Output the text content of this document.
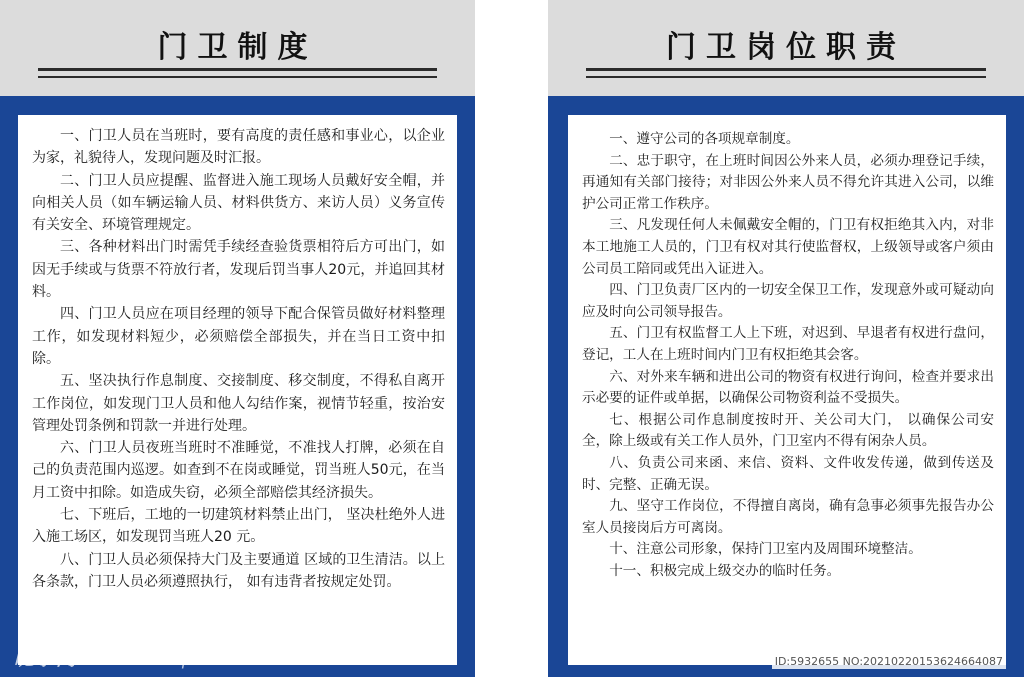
门卫制度
一、门卫人员在当班时，要有高度的责任感和事业心，以企业为家，礼貌待人，发现问题及时汇报。
二、门卫人员应提醒、监督进入施工现场人员戴好安全帽，并向相关人员（如车辆运输人员、材料供货方、来访人员）义务宣传有关安全、环境管理规定。
三、各种材料出门时需凭手续经查验货票相符后方可出门，如因无手续或与货票不符放行者，发现后罚当事人20元，并追回其材料。
四、门卫人员应在项目经理的领导下配合保管员做好材料整理工作，如发现材料短少，必须赔偿全部损失，并在当日工资中扣除。
五、坚决执行作息制度、交接制度、移交制度，不得私自离开工作岗位，如发现门卫人员和他人勾结作案，视情节轻重，按治安管理处罚条例和罚款一并进行处理。
六、门卫人员夜班当班时不准睡觉，不准找人打牌，必须在自己的负责范围内巡逻。如查到不在岗或睡觉，罚当班人50元，在当月工资中扣除。如造成失窃，必须全部赔偿其经济损失。
七、下班后，工地的一切建筑材料禁止出门， 坚决杜绝外人进入施工场区，如发现罚当班人20 元。
八、门卫人员必须保持大门及主要通道 区域的卫生清洁。以上各条款，门卫人员必须遵照执行， 如有违背者按规定处罚。
昵享网	www.nipic.cn
门卫岗位职责
一、遵守公司的各项规章制度。
二、忠于职守，在上班时间因公外来人员，必须办理登记手续，再通知有关部门接待；对非因公外来人员不得允许其进入公司，以维护公司正常工作秩序。
三、凡发现任何人未佩戴安全帽的，门卫有权拒绝其入内，对非本工地施工人员的，门卫有权对其行使监督权，上级领导或客户须由公司员工陪同或凭出入证进入。
四、门卫负责厂区内的一切安全保卫工作，发现意外或可疑动向应及时向公司领导报告。
五、门卫有权监督工人上下班，对迟到、早退者有权进行盘问，登记，工人在上班时间内门卫有权拒绝其会客。
六、对外来车辆和进出公司的物资有权进行询问，检查并要求出示必要的证件或单据，以确保公司物资利益不受损失。
七、根据公司作息制度按时开、关公司大门， 以确保公司安全，除上级或有关工作人员外，门卫室内不得有闲杂人员。
八、负责公司来函、来信、资料、文件收发传递，做到传送及时、完整、正确无误。
九、坚守工作岗位，不得擅自离岗，确有急事必须事先报告办公室人员接岗后方可离岗。
十、注意公司形象，保持门卫室内及周围环境整洁。
十一、积极完成上级交办的临时任务。
ID:5932655 NO:20210220153624664087
